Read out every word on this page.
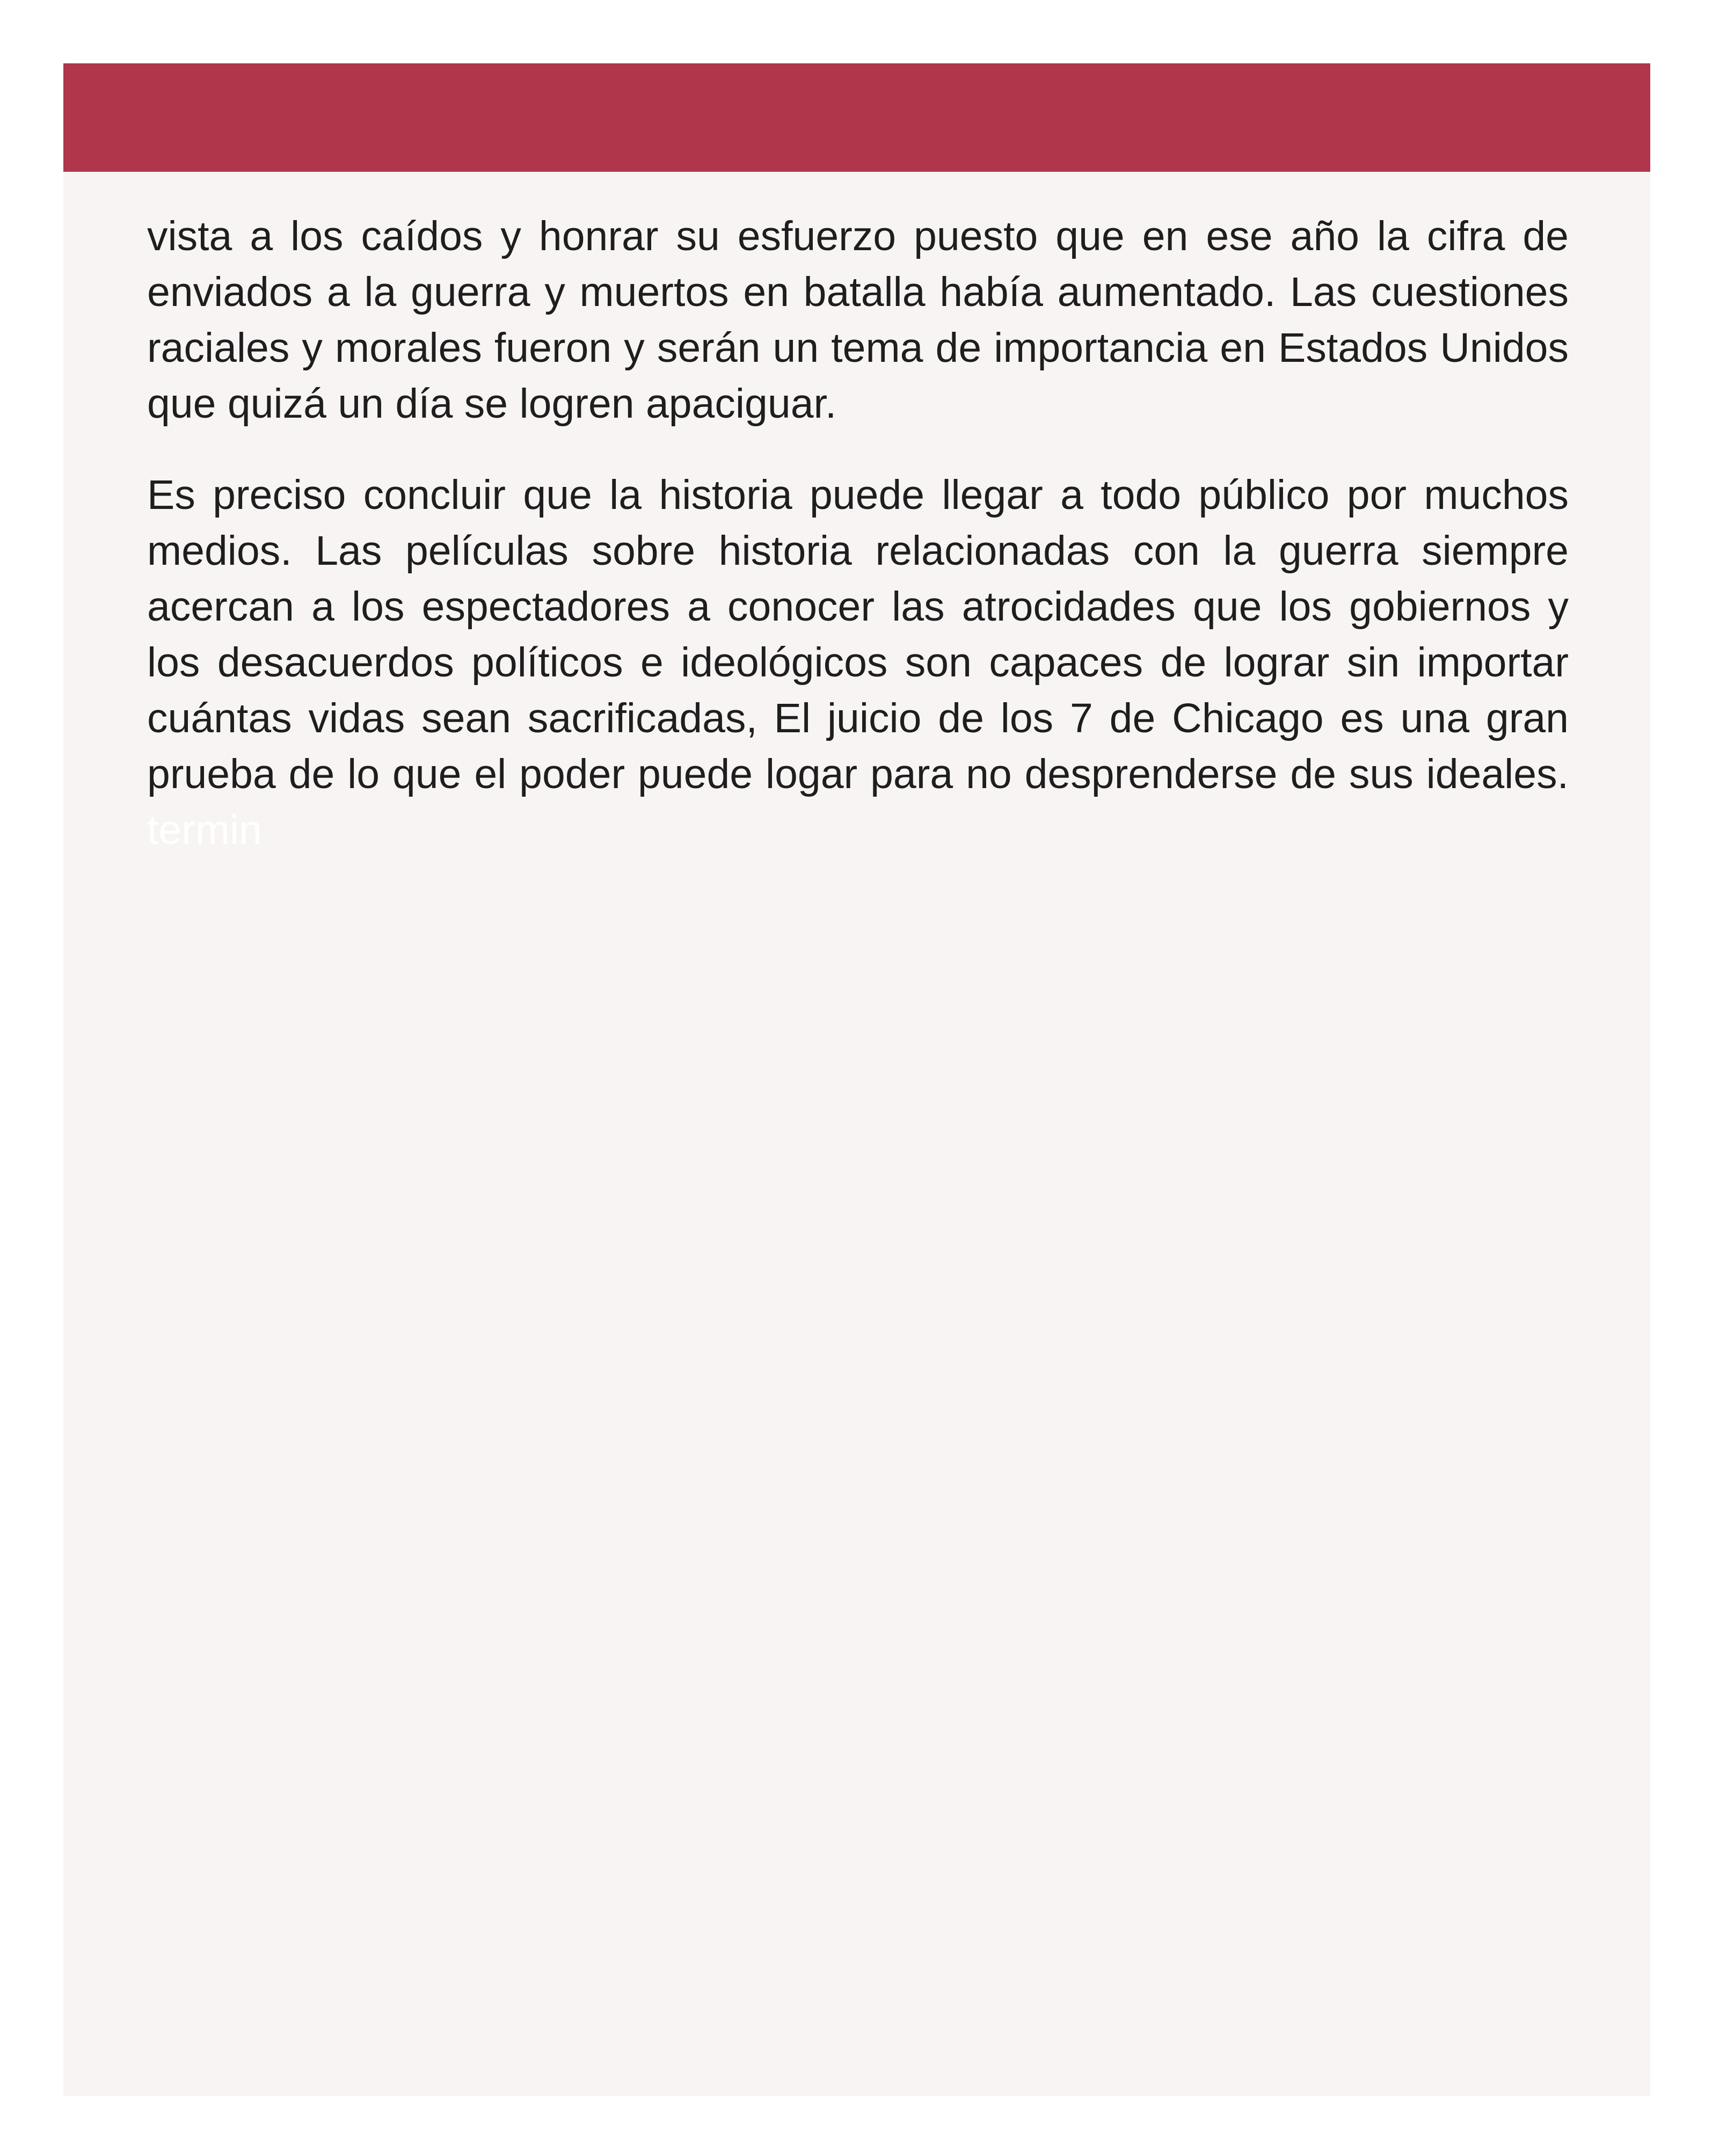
vista a los caídos y honrar su esfuerzo puesto que en ese año la cifra de enviados a la guerra y muertos en batalla había aumentado. Las cuestiones raciales y morales fueron y serán un tema de importancia en Estados Unidos que quizá un día se logren apaciguar.

Es preciso concluir que la historia puede llegar a todo público por muchos medios. Las películas sobre historia relacionadas con la guerra siempre acercan a los espectadores a conocer las atrocidades que los gobiernos y los desacuerdos políticos e ideológicos son capaces de lograr sin importar cuántas vidas sean sacrificadas, El juicio de los 7 de Chicago es una gran prueba de lo que el poder puede logar para no desprenderse de sus ideales. termin
